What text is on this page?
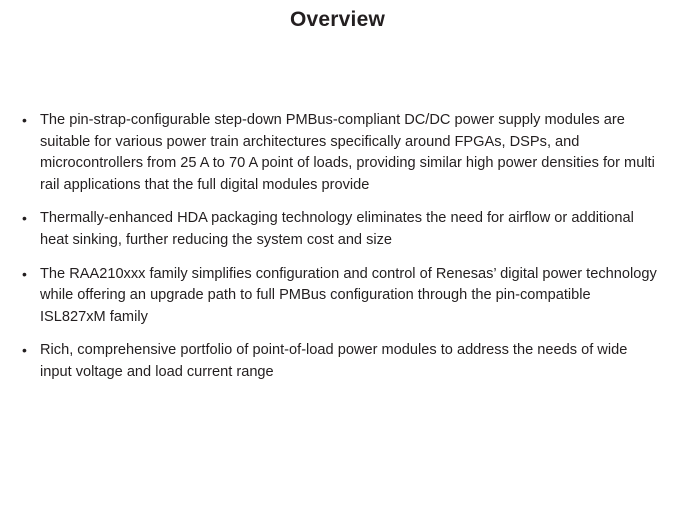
Overview
• The pin-strap-configurable step-down PMBus-compliant DC/DC power supply modules are suitable for various power train architectures specifically around FPGAs, DSPs, and microcontrollers from 25 A to 70 A point of loads, providing similar high power densities for multi rail applications that the full digital modules provide
• Thermally-enhanced HDA packaging technology eliminates the need for airflow or additional heat sinking, further reducing the system cost and size
• The RAA210xxx family simplifies configuration and control of Renesas’ digital power technology while offering an upgrade path to full PMBus configuration through the pin-compatible ISL827xM family
• Rich, comprehensive portfolio of point-of-load power modules to address the needs of wide input voltage and load current range
